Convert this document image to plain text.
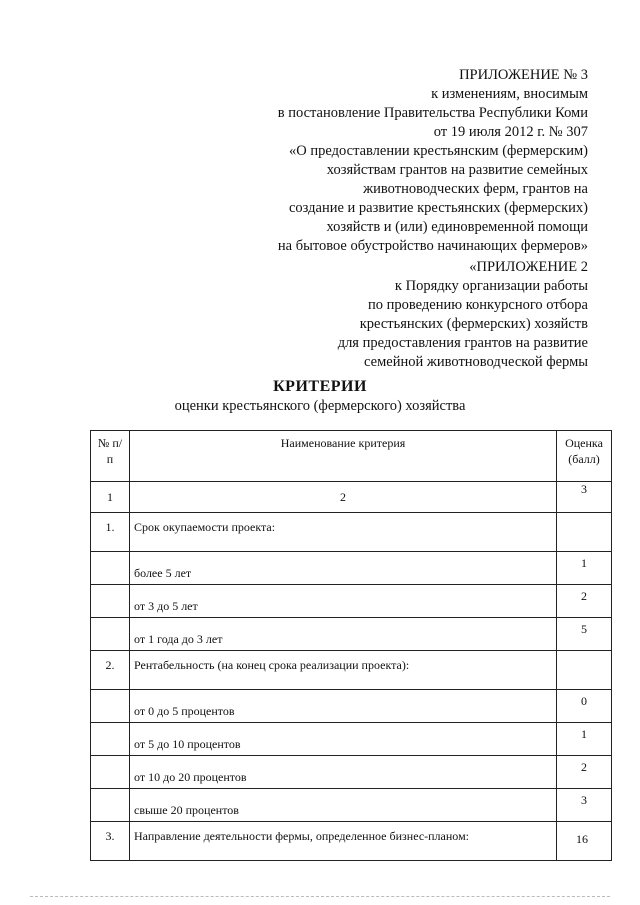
ПРИЛОЖЕНИЕ № 3
к изменениям, вносимым
в постановление Правительства Республики Коми
от 19 июля 2012 г. № 307
«О предоставлении крестьянским (фермерским)
хозяйствам грантов на развитие семейных
животноводческих ферм, грантов на
создание и развитие крестьянских (фермерских)
хозяйств и (или) единовременной помощи
на бытовое обустройство начинающих фермеров»
«ПРИЛОЖЕНИЕ 2
к Порядку организации работы
по проведению конкурсного отбора
крестьянских (фермерских) хозяйств
для предоставления грантов на развитие
семейной животноводческой фермы
КРИТЕРИИ
оценки крестьянского (фермерского) хозяйства
№ п/п	Наименование критерия	Оценка (балл)
1	2	3
1.	Срок окупаемости проекта:	
	более 5 лет	1
	от 3 до 5 лет	2
	от 1 года до 3 лет	5
2.	Рентабельность (на конец срока реализации проекта):	
	от 0 до 5 процентов	0
	от 5 до 10 процентов	1
	от 10 до 20 процентов	2
	свыше 20 процентов	3
3.	Направление деятельности фермы, определенное бизнес-планом:		16
